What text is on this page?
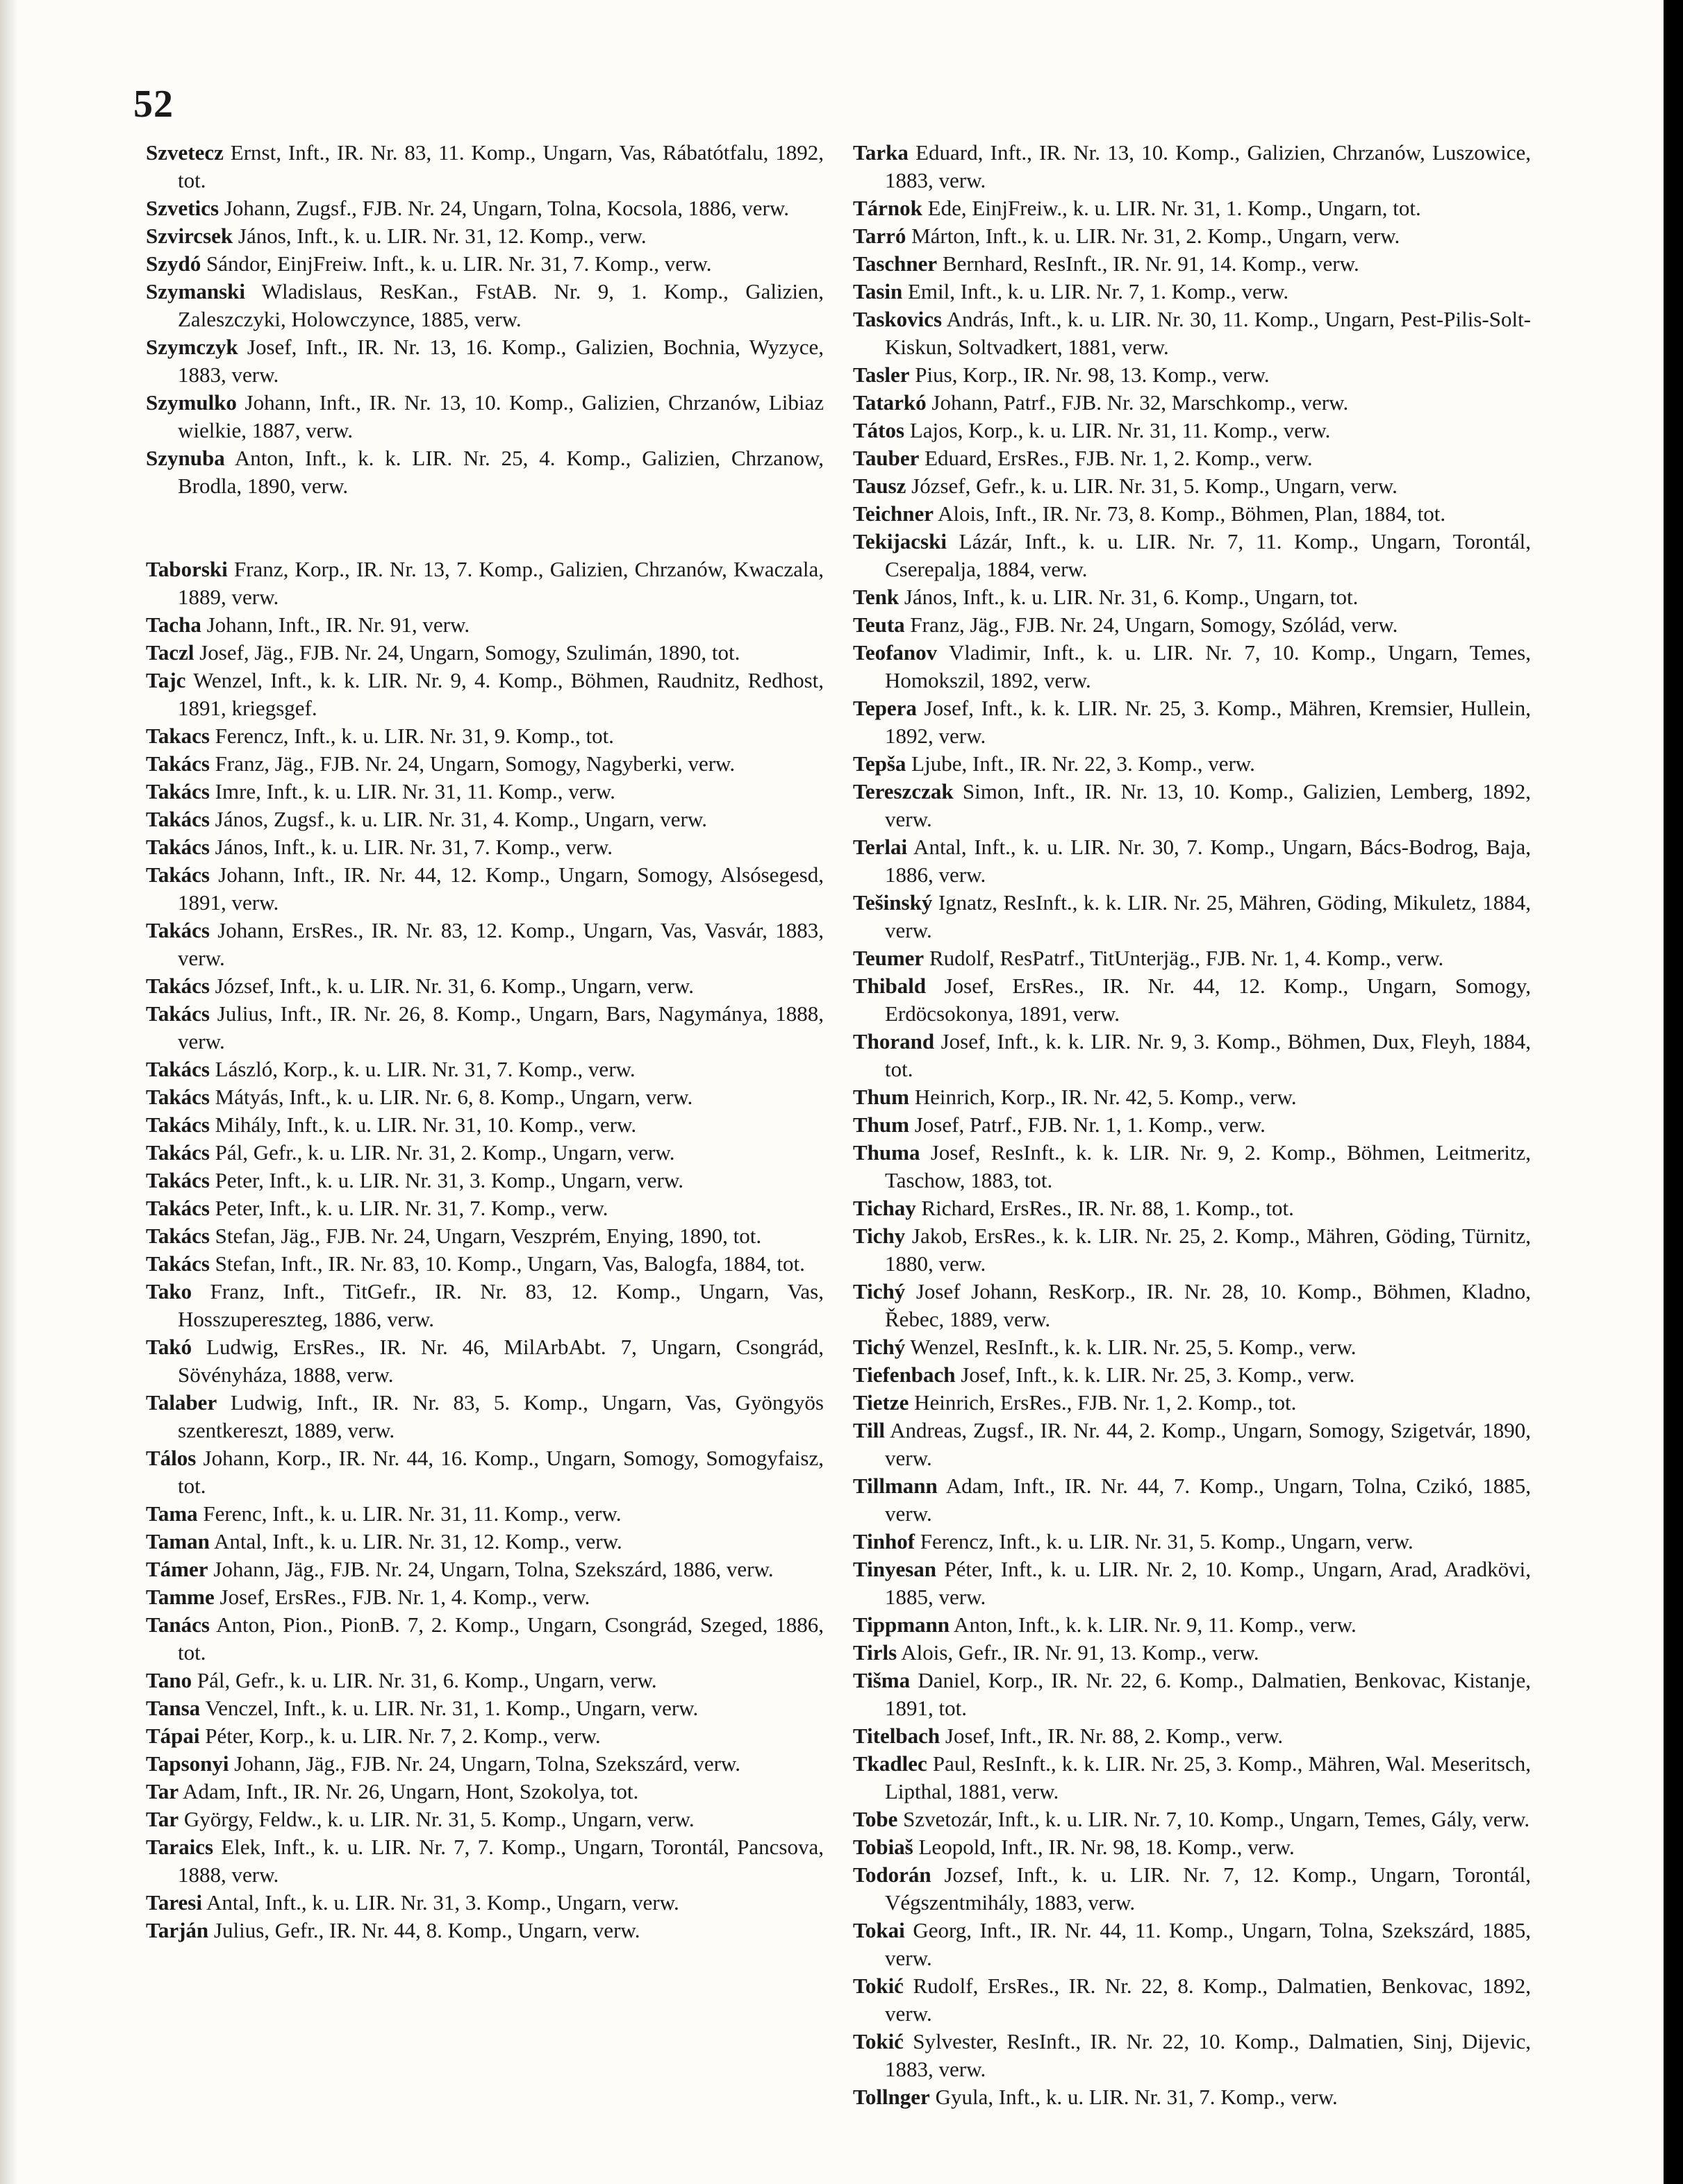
52

Szvetecz Ernst, Inft., IR. Nr. 83, 11. Komp., Ungarn, Vas, Rábatótfalu, 1892, tot.

Szvetics Johann, Zugsf., FJB. Nr. 24, Ungarn, Tolna, Kocsola, 1886, verw.

Szvircsek János, Inft., k. u. LIR. Nr. 31, 12. Komp., verw.

Szydó Sándor, EinjFreiw. Inft., k. u. LIR. Nr. 31, 7. Komp., verw.

Szymanski Wladislaus, ResKan., FstAB. Nr. 9, 1. Komp., Galizien, Zaleszczyki, Holowczynce, 1885, verw.

Szymczyk Josef, Inft., IR. Nr. 13, 16. Komp., Galizien, Bochnia, Wyzyce, 1883, verw.

Szymulko Johann, Inft., IR. Nr. 13, 10. Komp., Galizien, Chrzanów, Libiaz wielkie, 1887, verw.

Szynuba Anton, Inft., k. k. LIR. Nr. 25, 4. Komp., Galizien, Chrzanow, Brodla, 1890, verw.

Taborski Franz, Korp., IR. Nr. 13, 7. Komp., Galizien, Chrzanów, Kwaczala, 1889, verw.

Tacha Johann, Inft., IR. Nr. 91, verw.

Taczl Josef, Jäg., FJB. Nr. 24, Ungarn, Somogy, Szulimán, 1890, tot.

Tajc Wenzel, Inft., k. k. LIR. Nr. 9, 4. Komp., Böhmen, Raudnitz, Redhost, 1891, kriegsgef.

Takacs Ferencz, Inft., k. u. LIR. Nr. 31, 9. Komp., tot.

Takács Franz, Jäg., FJB. Nr. 24, Ungarn, Somogy, Nagyberki, verw.

Takács Imre, Inft., k. u. LIR. Nr. 31, 11. Komp., verw.

Takács János, Zugsf., k. u. LIR. Nr. 31, 4. Komp., Ungarn, verw.

Takács János, Inft., k. u. LIR. Nr. 31, 7. Komp., verw.

Takács Johann, Inft., IR. Nr. 44, 12. Komp., Ungarn, Somogy, Alsósegesd, 1891, verw.

Takács Johann, ErsRes., IR. Nr. 83, 12. Komp., Ungarn, Vas, Vasvár, 1883, verw.

Takács József, Inft., k. u. LIR. Nr. 31, 6. Komp., Ungarn, verw.

Takács Julius, Inft., IR. Nr. 26, 8. Komp., Ungarn, Bars, Nagymánya, 1888, verw.

Takács László, Korp., k. u. LIR. Nr. 31, 7. Komp., verw.

Takács Mátyás, Inft., k. u. LIR. Nr. 6, 8. Komp., Ungarn, verw.

Takács Mihály, Inft., k. u. LIR. Nr. 31, 10. Komp., verw.

Takács Pál, Gefr., k. u. LIR. Nr. 31, 2. Komp., Ungarn, verw.

Takács Peter, Inft., k. u. LIR. Nr. 31, 3. Komp., Ungarn, verw.

Takács Peter, Inft., k. u. LIR. Nr. 31, 7. Komp., verw.

Takács Stefan, Jäg., FJB. Nr. 24, Ungarn, Veszprém, Enying, 1890, tot.

Takács Stefan, Inft., IR. Nr. 83, 10. Komp., Ungarn, Vas, Balogfa, 1884, tot.

Tako Franz, Inft., TitGefr., IR. Nr. 83, 12. Komp., Ungarn, Vas, Hosszupereszteg, 1886, verw.

Takó Ludwig, ErsRes., IR. Nr. 46, MilArbAbt. 7, Ungarn, Csongrád, Sövényháza, 1888, verw.

Talaber Ludwig, Inft., IR. Nr. 83, 5. Komp., Ungarn, Vas, Gyöngyös szentkereszt, 1889, verw.

Tálos Johann, Korp., IR. Nr. 44, 16. Komp., Ungarn, Somogy, Somogyfaisz, tot.

Tama Ferenc, Inft., k. u. LIR. Nr. 31, 11. Komp., verw.

Taman Antal, Inft., k. u. LIR. Nr. 31, 12. Komp., verw.

Támer Johann, Jäg., FJB. Nr. 24, Ungarn, Tolna, Szekszárd, 1886, verw.

Tamme Josef, ErsRes., FJB. Nr. 1, 4. Komp., verw.

Tanács Anton, Pion., PionB. 7, 2. Komp., Ungarn, Csongrád, Szeged, 1886, tot.

Tano Pál, Gefr., k. u. LIR. Nr. 31, 6. Komp., Ungarn, verw.

Tansa Venczel, Inft., k. u. LIR. Nr. 31, 1. Komp., Ungarn, verw.

Tápai Péter, Korp., k. u. LIR. Nr. 7, 2. Komp., verw.

Tapsonyi Johann, Jäg., FJB. Nr. 24, Ungarn, Tolna, Szekszárd, verw.

Tar Adam, Inft., IR. Nr. 26, Ungarn, Hont, Szokolya, tot.

Tar György, Feldw., k. u. LIR. Nr. 31, 5. Komp., Ungarn, verw.

Taraics Elek, Inft., k. u. LIR. Nr. 7, 7. Komp., Ungarn, Torontál, Pancsova, 1888, verw.

Taresi Antal, Inft., k. u. LIR. Nr. 31, 3. Komp., Ungarn, verw.

Tarján Julius, Gefr., IR. Nr. 44, 8. Komp., Ungarn, verw.

Tarka Eduard, Inft., IR. Nr. 13, 10. Komp., Galizien, Chrzanów, Luszowice, 1883, verw.

Tárnok Ede, EinjFreiw., k. u. LIR. Nr. 31, 1. Komp., Ungarn, tot.

Tarró Márton, Inft., k. u. LIR. Nr. 31, 2. Komp., Ungarn, verw.

Taschner Bernhard, ResInft., IR. Nr. 91, 14. Komp., verw.

Tasin Emil, Inft., k. u. LIR. Nr. 7, 1. Komp., verw.

Taskovics András, Inft., k. u. LIR. Nr. 30, 11. Komp., Ungarn, Pest-Pilis-Solt-Kiskun, Soltvadkert, 1881, verw.

Tasler Pius, Korp., IR. Nr. 98, 13. Komp., verw.

Tatarkó Johann, Patrf., FJB. Nr. 32, Marschkomp., verw.

Tátos Lajos, Korp., k. u. LIR. Nr. 31, 11. Komp., verw.

Tauber Eduard, ErsRes., FJB. Nr. 1, 2. Komp., verw.

Tausz József, Gefr., k. u. LIR. Nr. 31, 5. Komp., Ungarn, verw.

Teichner Alois, Inft., IR. Nr. 73, 8. Komp., Böhmen, Plan, 1884, tot.

Tekijacski Lázár, Inft., k. u. LIR. Nr. 7, 11. Komp., Ungarn, Torontál, Cserepalja, 1884, verw.

Tenk János, Inft., k. u. LIR. Nr. 31, 6. Komp., Ungarn, tot.

Teuta Franz, Jäg., FJB. Nr. 24, Ungarn, Somogy, Szólád, verw.

Teofanov Vladimir, Inft., k. u. LIR. Nr. 7, 10. Komp., Ungarn, Temes, Homokszil, 1892, verw.

Tepera Josef, Inft., k. k. LIR. Nr. 25, 3. Komp., Mähren, Kremsier, Hullein, 1892, verw.

Tepša Ljube, Inft., IR. Nr. 22, 3. Komp., verw.

Tereszczak Simon, Inft., IR. Nr. 13, 10. Komp., Galizien, Lemberg, 1892, verw.

Terlai Antal, Inft., k. u. LIR. Nr. 30, 7. Komp., Ungarn, Bács-Bodrog, Baja, 1886, verw.

Tešinský Ignatz, ResInft., k. k. LIR. Nr. 25, Mähren, Göding, Mikuletz, 1884, verw.

Teumer Rudolf, ResPatrf., TitUnterjäg., FJB. Nr. 1, 4. Komp., verw.

Thibald Josef, ErsRes., IR. Nr. 44, 12. Komp., Ungarn, Somogy, Erdöcsokonya, 1891, verw.

Thorand Josef, Inft., k. k. LIR. Nr. 9, 3. Komp., Böhmen, Dux, Fleyh, 1884, tot.

Thum Heinrich, Korp., IR. Nr. 42, 5. Komp., verw.

Thum Josef, Patrf., FJB. Nr. 1, 1. Komp., verw.

Thuma Josef, ResInft., k. k. LIR. Nr. 9, 2. Komp., Böhmen, Leitmeritz, Taschow, 1883, tot.

Tichay Richard, ErsRes., IR. Nr. 88, 1. Komp., tot.

Tichy Jakob, ErsRes., k. k. LIR. Nr. 25, 2. Komp., Mähren, Göding, Türnitz, 1880, verw.

Tichý Josef Johann, ResKorp., IR. Nr. 28, 10. Komp., Böhmen, Kladno, Řebec, 1889, verw.

Tichý Wenzel, ResInft., k. k. LIR. Nr. 25, 5. Komp., verw.

Tiefenbach Josef, Inft., k. k. LIR. Nr. 25, 3. Komp., verw.

Tietze Heinrich, ErsRes., FJB. Nr. 1, 2. Komp., tot.

Till Andreas, Zugsf., IR. Nr. 44, 2. Komp., Ungarn, Somogy, Szigetvár, 1890, verw.

Tillmann Adam, Inft., IR. Nr. 44, 7. Komp., Ungarn, Tolna, Czikó, 1885, verw.

Tinhof Ferencz, Inft., k. u. LIR. Nr. 31, 5. Komp., Ungarn, verw.

Tinyesan Péter, Inft., k. u. LIR. Nr. 2, 10. Komp., Ungarn, Arad, Aradkövi, 1885, verw.

Tippmann Anton, Inft., k. k. LIR. Nr. 9, 11. Komp., verw.

Tirls Alois, Gefr., IR. Nr. 91, 13. Komp., verw.

Tišma Daniel, Korp., IR. Nr. 22, 6. Komp., Dalmatien, Benkovac, Kistanje, 1891, tot.

Titelbach Josef, Inft., IR. Nr. 88, 2. Komp., verw.

Tkadlec Paul, ResInft., k. k. LIR. Nr. 25, 3. Komp., Mähren, Wal. Meseritsch, Lipthal, 1881, verw.

Tobe Szvetozár, Inft., k. u. LIR. Nr. 7, 10. Komp., Ungarn, Temes, Gály, verw.

Tobiaš Leopold, Inft., IR. Nr. 98, 18. Komp., verw.

Todorán Jozsef, Inft., k. u. LIR. Nr. 7, 12. Komp., Ungarn, Torontál, Végszentmihály, 1883, verw.

Tokai Georg, Inft., IR. Nr. 44, 11. Komp., Ungarn, Tolna, Szekszárd, 1885, verw.

Tokić Rudolf, ErsRes., IR. Nr. 22, 8. Komp., Dalmatien, Benkovac, 1892, verw.

Tokić Sylvester, ResInft., IR. Nr. 22, 10. Komp., Dalmatien, Sinj, Dijevic, 1883, verw.

Tollnger Gyula, Inft., k. u. LIR. Nr. 31, 7. Komp., verw.
